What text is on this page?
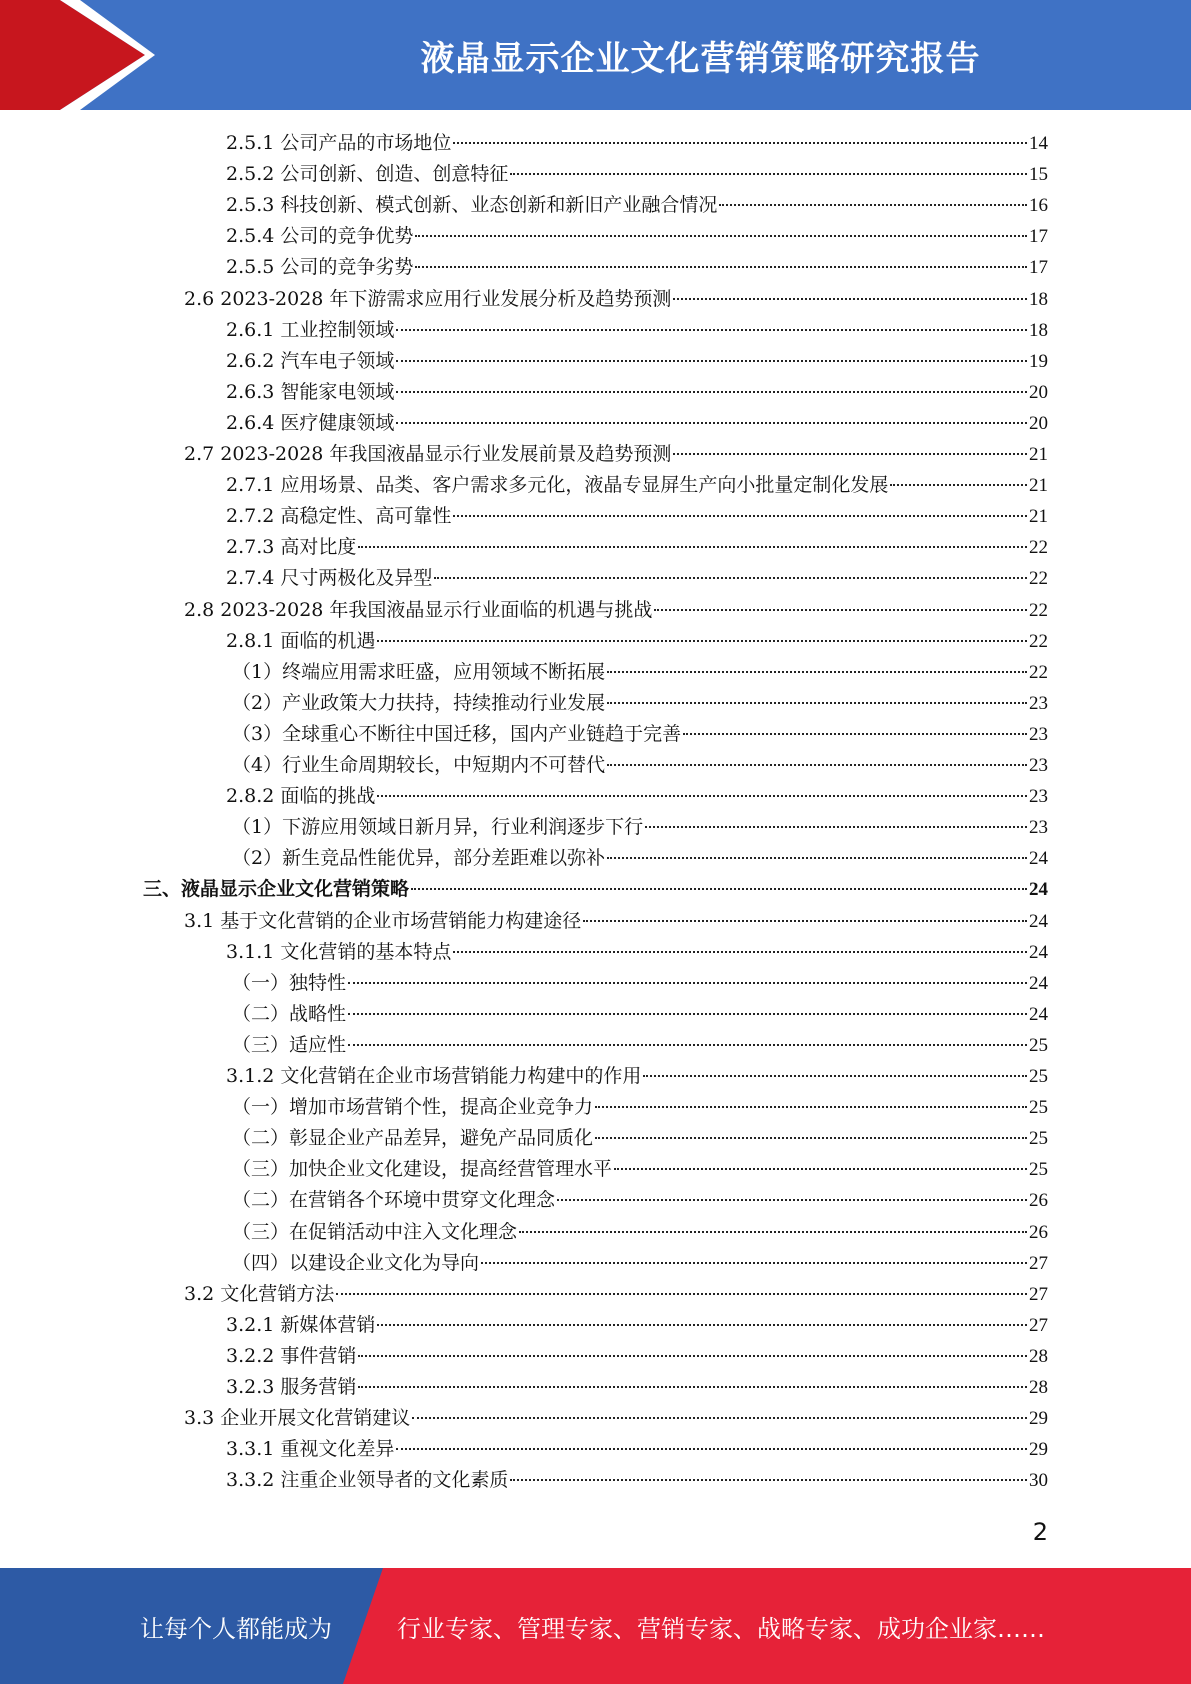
液晶显示企业文化营销策略研究报告
2.5.1 公司产品的市场地位	14
2.5.2 公司创新、创造、创意特征	15
2.5.3 科技创新、模式创新、业态创新和新旧产业融合情况	16
2.5.4 公司的竞争优势	17
2.5.5 公司的竞争劣势	17
2.6 2023-2028 年下游需求应用行业发展分析及趋势预测	18
2.6.1 工业控制领域	18
2.6.2 汽车电子领域	19
2.6.3 智能家电领域	20
2.6.4 医疗健康领域	20
2.7 2023-2028 年我国液晶显示行业发展前景及趋势预测	21
2.7.1 应用场景、品类、客户需求多元化，液晶专显屏生产向小批量定制化发展	21
2.7.2 高稳定性、高可靠性	21
2.7.3 高对比度	22
2.7.4 尺寸两极化及异型	22
2.8 2023-2028 年我国液晶显示行业面临的机遇与挑战	22
2.8.1 面临的机遇	22
（1）终端应用需求旺盛，应用领域不断拓展	22
（2）产业政策大力扶持，持续推动行业发展	23
（3）全球重心不断往中国迁移，国内产业链趋于完善	23
（4）行业生命周期较长，中短期内不可替代	23
2.8.2 面临的挑战	23
（1）下游应用领域日新月异，行业利润逐步下行	23
（2）新生竞品性能优异，部分差距难以弥补	24
三、液晶显示企业文化营销策略	24
3.1 基于文化营销的企业市场营销能力构建途径	24
3.1.1 文化营销的基本特点	24
（一）独特性	24
（二）战略性	24
（三）适应性	25
3.1.2 文化营销在企业市场营销能力构建中的作用	25
（一）增加市场营销个性，提高企业竞争力	25
（二）彰显企业产品差异，避免产品同质化	25
（三）加快企业文化建设，提高经营管理水平	25
（二）在营销各个环境中贯穿文化理念	26
（三）在促销活动中注入文化理念	26
（四）以建设企业文化为导向	27
3.2 文化营销方法	27
3.2.1 新媒体营销	27
3.2.2 事件营销	28
3.2.3 服务营销	28
3.3 企业开展文化营销建议	29
3.3.1 重视文化差异	29
3.3.2 注重企业领导者的文化素质	30
2
让每个人都能成为	行业专家、管理专家、营销专家、战略专家、成功企业家……
